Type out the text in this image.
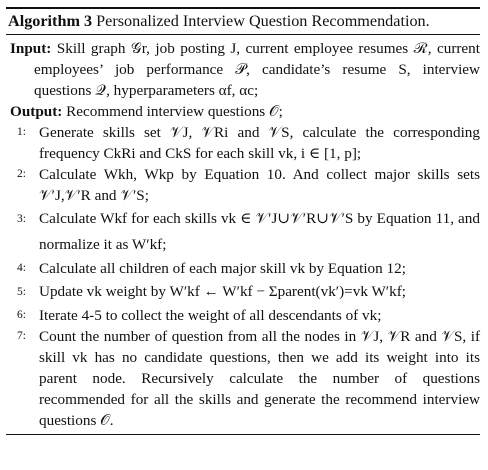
Algorithm 3 Personalized Interview Question Recommendation.
Input: Skill graph 𝒢r, job posting J, current employee resumes ℛ, current employees’ job performance 𝒫, candidate’s resume S, interview questions 𝒬, hyperparameters αf, αc;
Output: Recommend interview questions 𝒪;
1: Generate skills set 𝒱J, 𝒱Ri and 𝒱S, calculate the corresponding frequency CkRi and CkS for each skill vk, i ∈ [1, p];
2: Calculate Wkh, Wkp by Equation 10. And collect major skills sets 𝒱′J,𝒱′R and 𝒱′S;
3: Calculate Wkf for each skills vk ∈ 𝒱′J∪𝒱′R∪𝒱′S by Equation 11, and normalize it as W′kf;
4: Calculate all children of each major skill vk by Equation 12;
5: Update vk weight by W′kf ← W′kf − Σparent(vk′)=vk W′kf;
6: Iterate 4-5 to collect the weight of all descendants of vk;
7: Count the number of question from all the nodes in 𝒱J, 𝒱R and 𝒱S, if skill vk has no candidate questions, then we add its weight into its parent node. Recursively calculate the number of questions recommended for all the skills and generate the recommend interview questions 𝒪.
